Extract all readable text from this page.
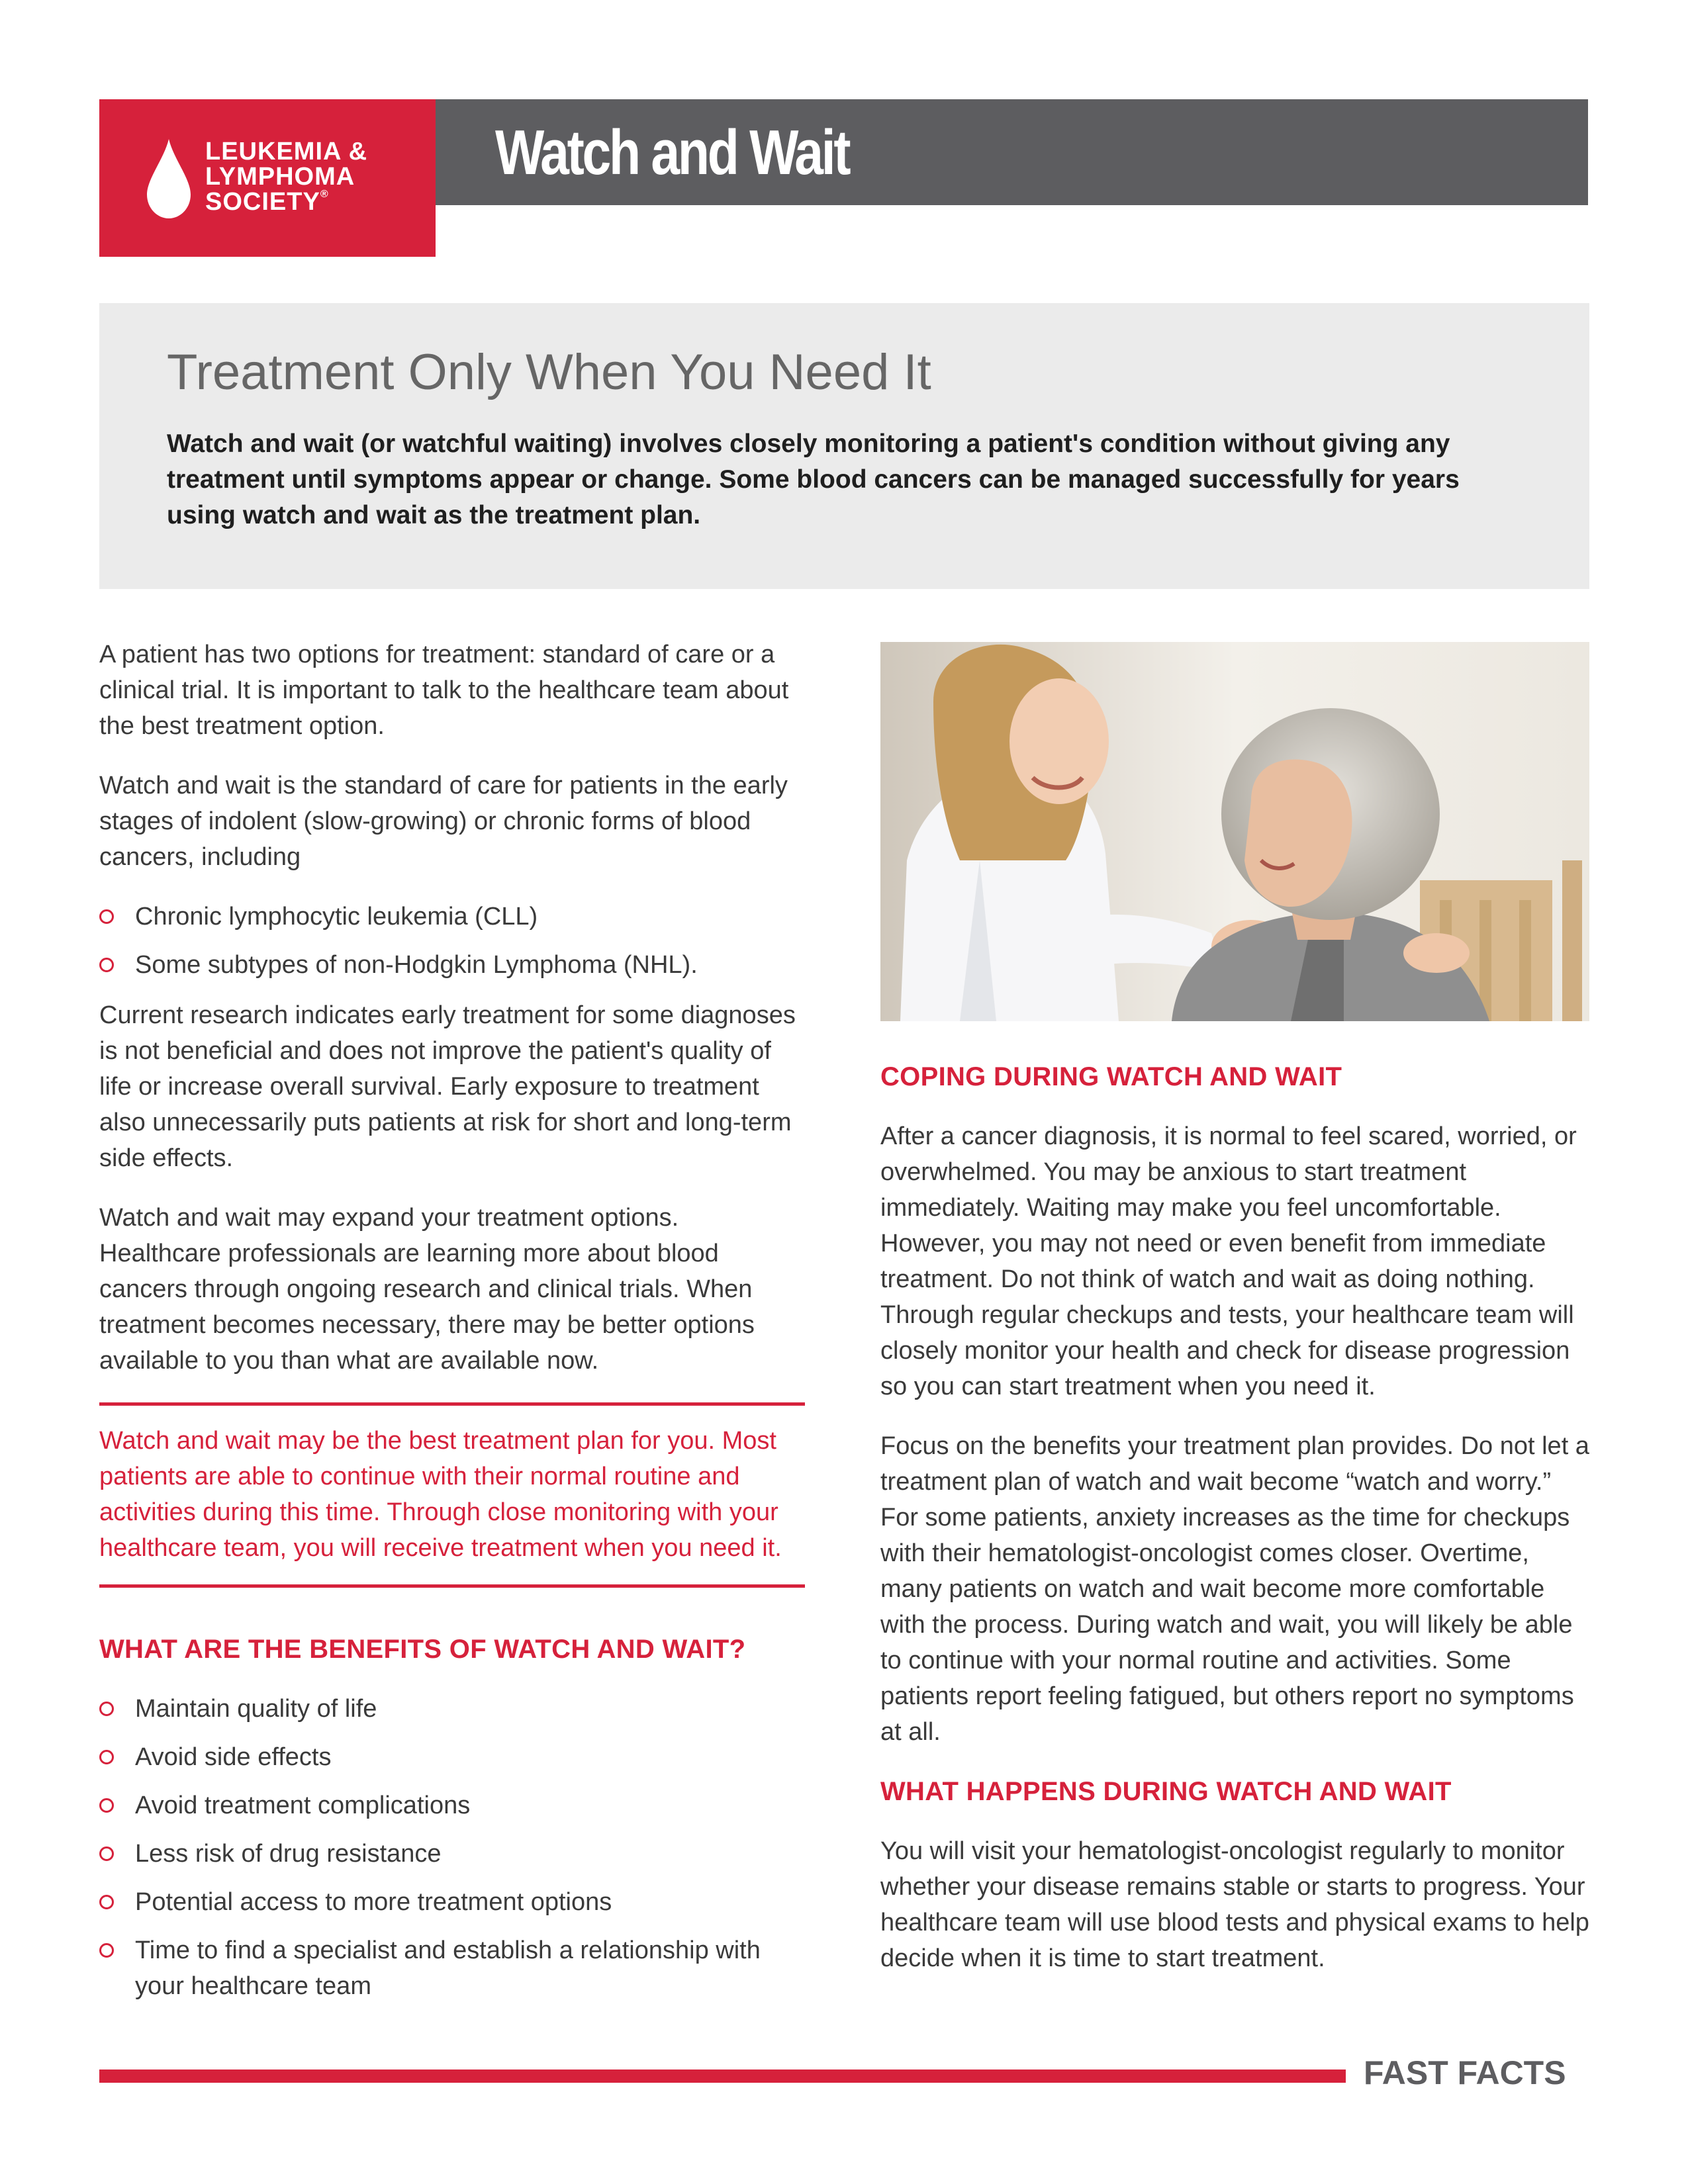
LEUKEMIA &
LYMPHOMA
SOCIETY®
Watch and Wait
Treatment Only When You Need It

Watch and wait (or watchful waiting) involves closely monitoring a patient's condition without giving any treatment until symptoms appear or change. Some blood cancers can be managed successfully for years using watch and wait as the treatment plan.

A patient has two options for treatment: standard of care or a clinical trial. It is important to talk to the healthcare team about the best treatment option.

Watch and wait is the standard of care for patients in the early stages of indolent (slow-growing) or chronic forms of blood cancers, including

Chronic lymphocytic leukemia (CLL)
Some subtypes of non-Hodgkin Lymphoma (NHL).

Current research indicates early treatment for some diagnoses is not beneficial and does not improve the patient's quality of life or increase overall survival. Early exposure to treatment also unnecessarily puts patients at risk for short and long-term side effects.

Watch and wait may expand your treatment options. Healthcare professionals are learning more about blood cancers through ongoing research and clinical trials. When treatment becomes necessary, there may be better options available to you than what are available now.

Watch and wait may be the best treatment plan for you. Most patients are able to continue with their normal routine and activities during this time. Through close monitoring with your healthcare team, you will receive treatment when you need it.

WHAT ARE THE BENEFITS OF WATCH AND WAIT?
Maintain quality of life
Avoid side effects
Avoid treatment complications
Less risk of drug resistance
Potential access to more treatment options
Time to find a specialist and establish a relationship with your healthcare team
COPING DURING WATCH AND WAIT

After a cancer diagnosis, it is normal to feel scared, worried, or overwhelmed. You may be anxious to start treatment immediately. Waiting may make you feel uncomfortable. However, you may not need or even benefit from immediate treatment. Do not think of watch and wait as doing nothing. Through regular checkups and tests, your healthcare team will closely monitor your health and check for disease progression so you can start treatment when you need it.

Focus on the benefits your treatment plan provides. Do not let a treatment plan of watch and wait become “watch and worry.” For some patients, anxiety increases as the time for checkups with their hematologist-oncologist comes closer. Overtime, many patients on watch and wait become more comfortable with the process. During watch and wait, you will likely be able to continue with your normal routine and activities. Some patients report feeling fatigued, but others report no symptoms at all.

WHAT HAPPENS DURING WATCH AND WAIT

You will visit your hematologist-oncologist regularly to monitor whether your disease remains stable or starts to progress. Your healthcare team will use blood tests and physical exams to help decide when it is time to start treatment.

FAST FACTS
